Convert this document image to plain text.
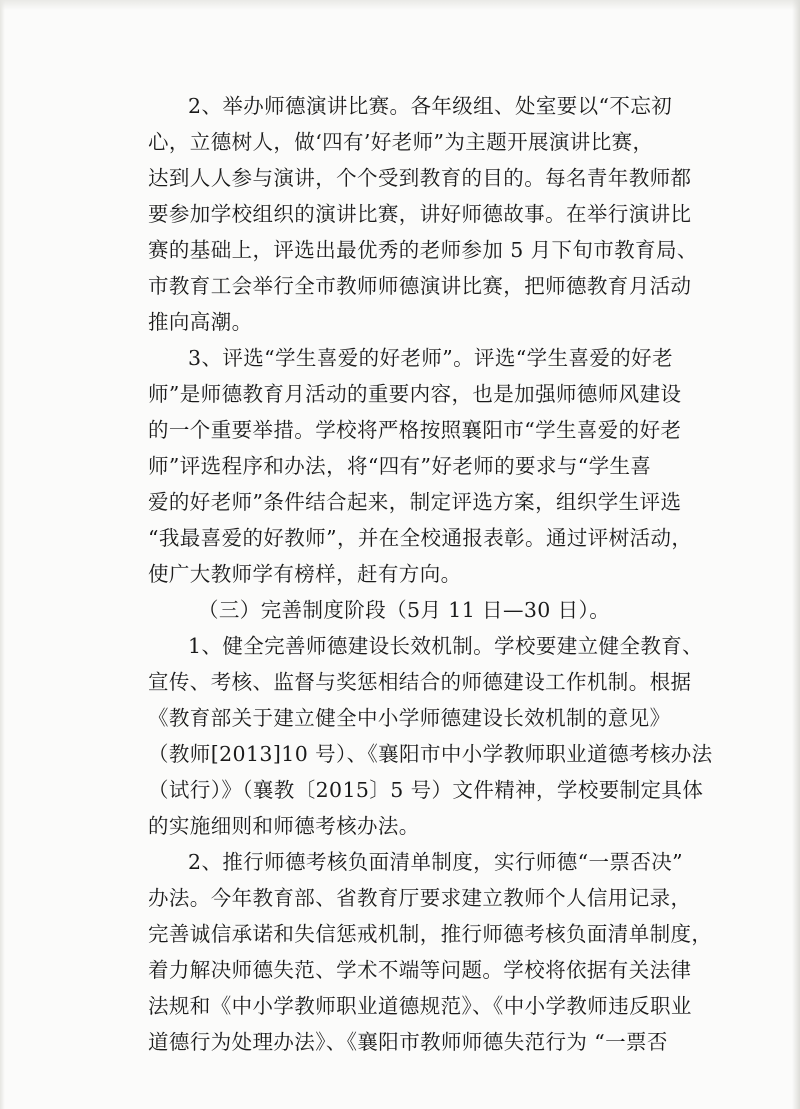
2、举办师德演讲比赛。各年级组、处室要以“不忘初
心，立德树人，做‘四有’好老师”为主题开展演讲比赛，
达到人人参与演讲，个个受到教育的目的。每名青年教师都
要参加学校组织的演讲比赛，讲好师德故事。在举行演讲比
赛的基础上，评选出最优秀的老师参加 5 月下旬市教育局、
市教育工会举行全市教师师德演讲比赛，把师德教育月活动
推向高潮。
3、评选“学生喜爱的好老师”。评选“学生喜爱的好老
师”是师德教育月活动的重要内容，也是加强师德师风建设
的一个重要举措。学校将严格按照襄阳市“学生喜爱的好老
师”评选程序和办法，将“四有”好老师的要求与“学生喜
爱的好老师”条件结合起来，制定评选方案，组织学生评选
“我最喜爱的好教师”，并在全校通报表彰。通过评树活动，
使广大教师学有榜样，赶有方向。
（三）完善制度阶段（5月 11 日—30 日）。
1、健全完善师德建设长效机制。学校要建立健全教育、
宣传、考核、监督与奖惩相结合的师德建设工作机制。根据
《教育部关于建立健全中小学师德建设长效机制的意见》
（教师[2013]10 号）、《襄阳市中小学教师职业道德考核办法
（试行）》（襄教〔2015〕5 号）文件精神，学校要制定具体
的实施细则和师德考核办法。
2、推行师德考核负面清单制度，实行师德“一票否决”
办法。今年教育部、省教育厅要求建立教师个人信用记录，
完善诚信承诺和失信惩戒机制，推行师德考核负面清单制度，
着力解决师德失范、学术不端等问题。学校将依据有关法律
法规和《中小学教师职业道德规范》、《中小学教师违反职业
道德行为处理办法》、《襄阳市教师师德失范行为 “一票否
